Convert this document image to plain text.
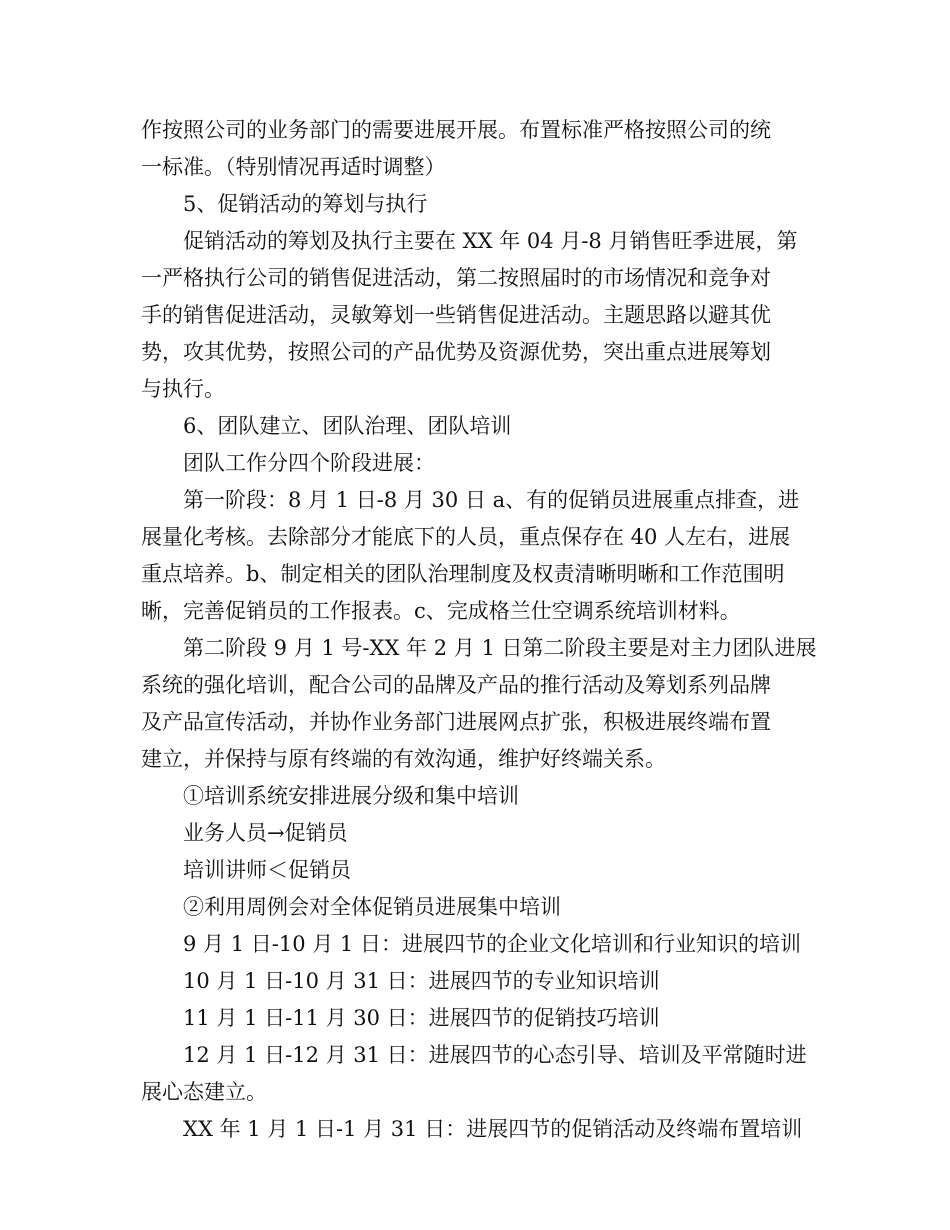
作按照公司的业务部门的需要进展开展。布置标准严格按照公司的统
一标准。（特别情况再适时调整）
5、促销活动的筹划与执行
促销活动的筹划及执行主要在 XX 年 04 月-8 月销售旺季进展，第
一严格执行公司的销售促进活动，第二按照届时的市场情况和竞争对
手的销售促进活动，灵敏筹划一些销售促进活动。主题思路以避其优
势，攻其优势，按照公司的产品优势及资源优势，突出重点进展筹划
与执行。
6、团队建立、团队治理、团队培训
团队工作分四个阶段进展：
第一阶段：8 月 1 日-8 月 30 日 a、有的促销员进展重点排查，进
展量化考核。去除部分才能底下的人员，重点保存在 40 人左右，进展
重点培养。b、制定相关的团队治理制度及权责清晰明晰和工作范围明
晰，完善促销员的工作报表。c、完成格兰仕空调系统培训材料。
第二阶段 9 月 1 号-XX 年 2 月 1 日第二阶段主要是对主力团队进展
系统的强化培训，配合公司的品牌及产品的推行活动及筹划系列品牌
及产品宣传活动，并协作业务部门进展网点扩张，积极进展终端布置
建立，并保持与原有终端的有效沟通，维护好终端关系。
①培训系统安排进展分级和集中培训
业务人员→促销员
培训讲师＜促销员
②利用周例会对全体促销员进展集中培训
9 月 1 日-10 月 1 日：进展四节的企业文化培训和行业知识的培训
10 月 1 日-10 月 31 日：进展四节的专业知识培训
11 月 1 日-11 月 30 日：进展四节的促销技巧培训
12 月 1 日-12 月 31 日：进展四节的心态引导、培训及平常随时进
展心态建立。
XX 年 1 月 1 日-1 月 31 日：进展四节的促销活动及终端布置培训
